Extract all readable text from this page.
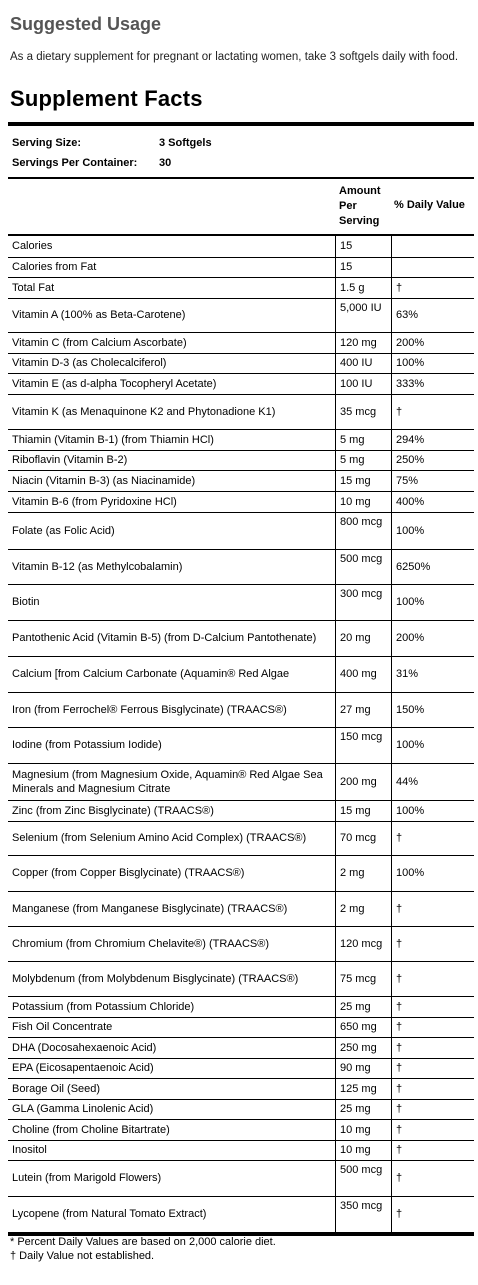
Suggested Usage
As a dietary supplement for pregnant or lactating women, take 3 softgels daily with food.
Supplement Facts
Serving Size:	3 Softgels
Servings Per Container: 30
Amount Per Serving
% Daily Value
Calories	15	
Calories from Fat	15	
Total Fat	1.5 g	†
Vitamin A (100% as Beta-Carotene)	5,000 IU	63%
Vitamin C (from Calcium Ascorbate)	120 mg	200%
Vitamin D-3 (as Cholecalciferol)	400 IU	100%
Vitamin E (as d-alpha Tocopheryl Acetate)	100 IU	333%
Vitamin K (as Menaquinone K2 and Phytonadione K1)	35 mcg	†
Thiamin (Vitamin B-1) (from Thiamin HCl)	5 mg	294%
Riboflavin (Vitamin B-2)	5 mg	250%
Niacin (Vitamin B-3) (as Niacinamide)	15 mg	75%
Vitamin B-6 (from Pyridoxine HCl)	10 mg	400%
Folate (as Folic Acid)	800 mcg	100%
Vitamin B-12 (as Methylcobalamin)	500 mcg	6250%
Biotin	300 mcg	100%
Pantothenic Acid (Vitamin B-5) (from D-Calcium Pantothenate)	20 mg	200%
Calcium [from Calcium Carbonate (Aquamin® Red Algae	400 mg	31%
Iron (from Ferrochel® Ferrous Bisglycinate) (TRAACS®)	27 mg	150%
Iodine (from Potassium Iodide)	150 mcg	100%
Magnesium (from Magnesium Oxide, Aquamin® Red Algae Sea Minerals and Magnesium Citrate	200 mg	44%
Zinc (from Zinc Bisglycinate) (TRAACS®)	15 mg	100%
Selenium (from Selenium Amino Acid Complex) (TRAACS®)	70 mcg	†
Copper (from Copper Bisglycinate) (TRAACS®)	2 mg	100%
Manganese (from Manganese Bisglycinate) (TRAACS®)	2 mg	†
Chromium (from Chromium Chelavite®) (TRAACS®)	120 mcg	†
Molybdenum (from Molybdenum Bisglycinate) (TRAACS®)	75 mcg	†
Potassium (from Potassium Chloride)	25 mg	†
Fish Oil Concentrate	650 mg	†
DHA (Docosahexaenoic Acid)	250 mg	†
EPA (Eicosapentaenoic Acid)	90 mg	†
Borage Oil (Seed)	125 mg	†
GLA (Gamma Linolenic Acid)	25 mg	†
Choline (from Choline Bitartrate)	10 mg	†
Inositol	10 mg	†
Lutein (from Marigold Flowers)	500 mcg	†
Lycopene (from Natural Tomato Extract)	350 mcg	†
* Percent Daily Values are based on 2,000 calorie diet.
† Daily Value not established.
